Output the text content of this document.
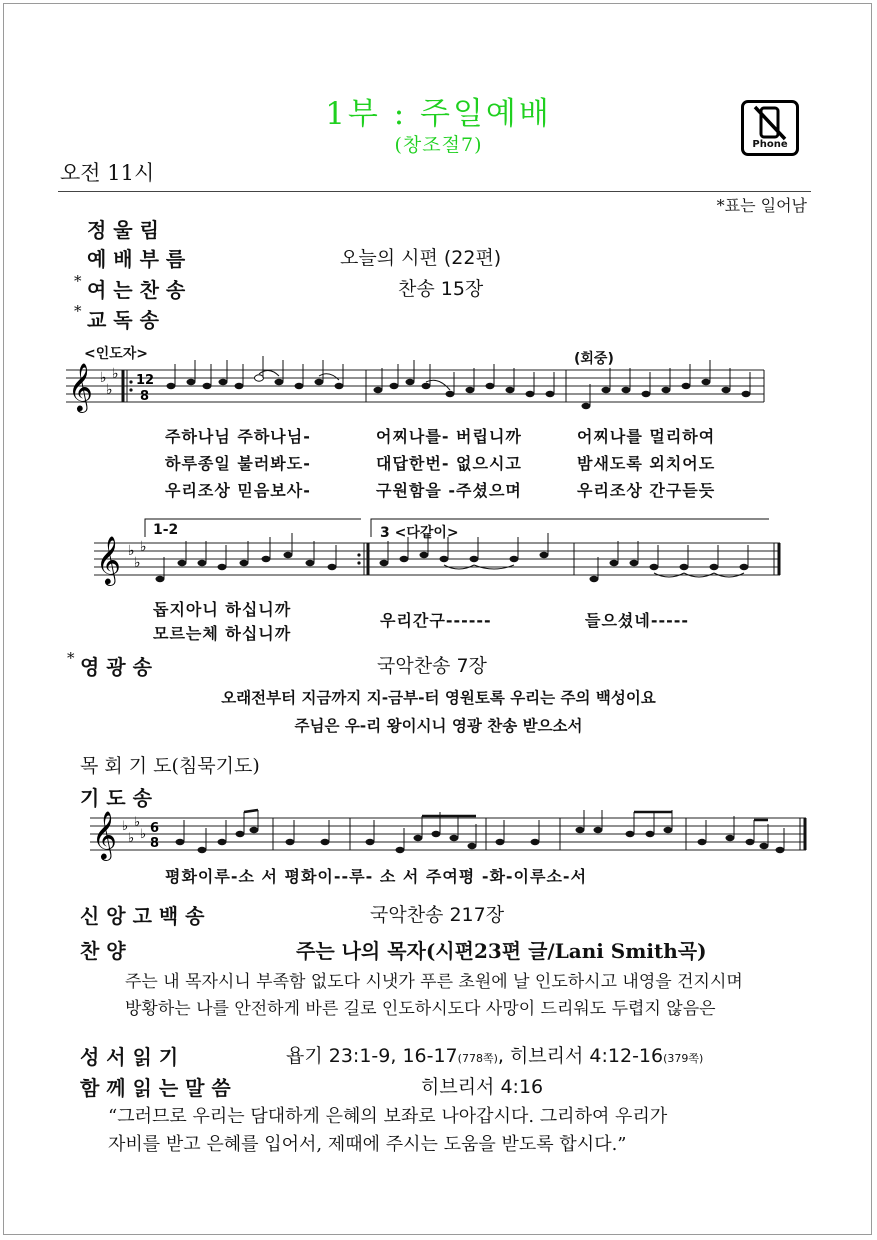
1부 : 주일예배
(창조절7)	Phone
오전 11시
*표는 일어남
정 울 림
예 배 부 름	오늘의 시편 (22편)
* 여 는 찬 송	찬송 15장
* 교 독 송
<인도자>	(회중)
𝄞 ♭
♭
♭ 12
8
주하나님 주하나님-	어찌나를- 버립니까	어찌나를 멀리하여
하루종일 불러봐도-	대답한번- 없으시고	밤새도록 외치어도
우리조상 믿음보사-	구원함을 -주셨으며	우리조상 간구듣듯
1-2	3 <다같이>
𝄞 ♭
♭
♭
돕지아니 하십니까
모르는체 하십니까
우리간구------	들으셨네-----
* 영 광 송	국악찬송 7장
오래전부터 지금까지 지-금부-터 영원토록 우리는 주의 백성이요
주님은 우-리 왕이시니 영광 찬송 받으소서
목 회 기 도(침묵기도)
기 도 송
𝄞 ♭
♭
♭
♭ 6
8
평화이루-소 서 평화이--루- 소 서 주여평 -화-이루소-서
신 앙 고 백 송	국악찬송 217장
찬 양	주는 나의 목자(시편23편 글/Lani Smith곡)
주는 내 목자시니 부족함 없도다 시냇가 푸른 초원에 날 인도하시고 내영을 건지시며
방황하는 나를 안전하게 바른 길로 인도하시도다 사망이 드리워도 두렵지 않음은
성 서 읽 기	욥기 23:1-9, 16-17(778쪽), 히브리서 4:12-16(379쪽)
함 께 읽 는 말 씀	히브리서 4:16
“그러므로 우리는 담대하게 은혜의 보좌로 나아갑시다. 그리하여 우리가
자비를 받고 은혜를 입어서, 제때에 주시는 도움을 받도록 합시다.”
